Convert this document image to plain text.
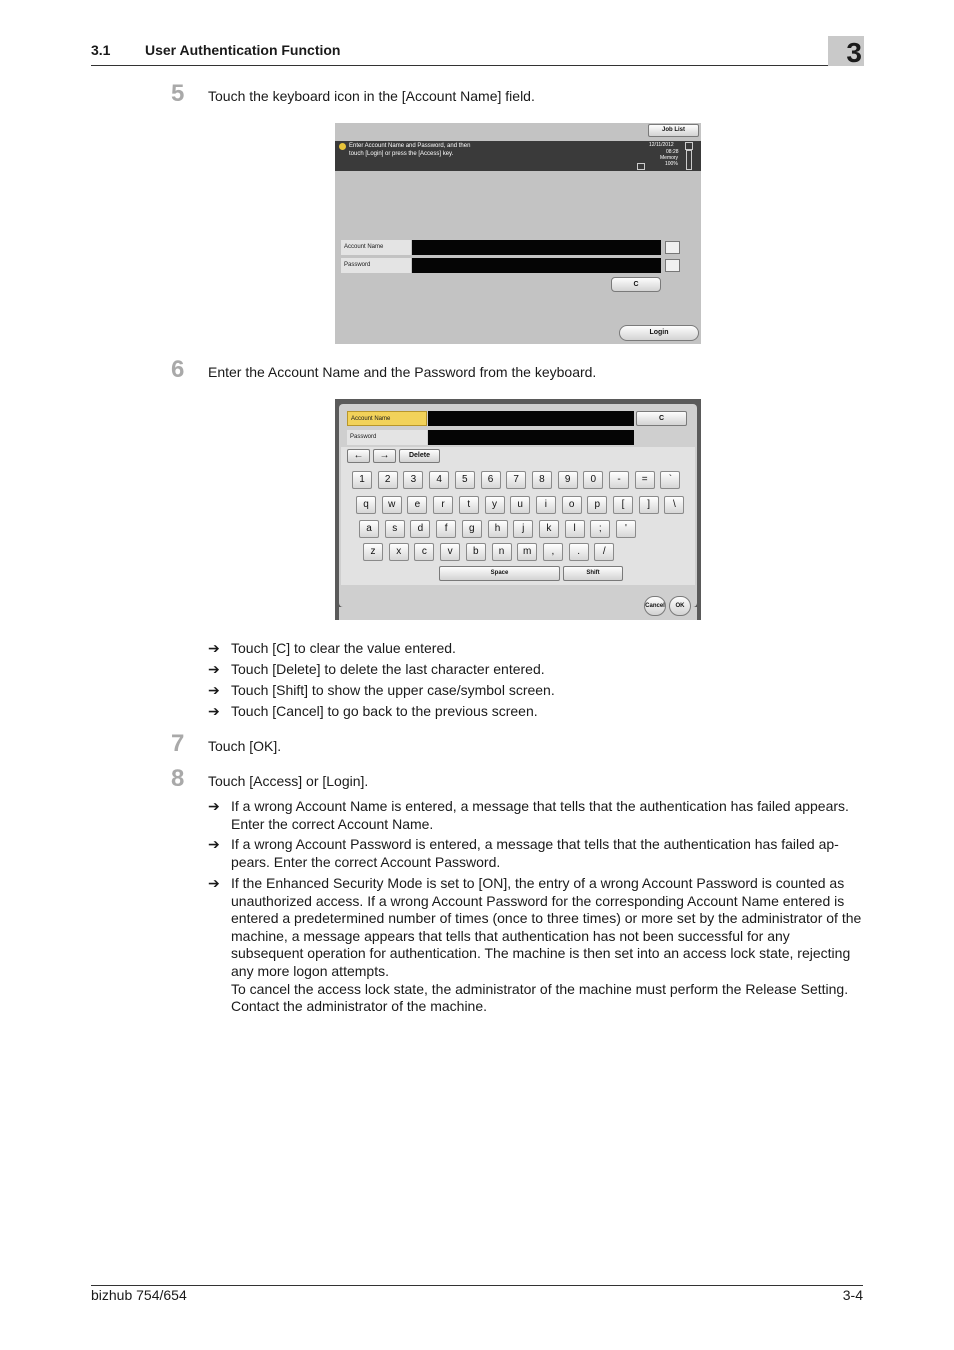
3.1 User Authentication Function	3
5 Touch the keyboard icon in the [Account Name] field.
Job List
Enter Account Name and Password, and then
touch [Login] or press the [Access] key.
12/11/2012
08:28
Memory
100%
Account Name
Password
C
Login
6 Enter the Account Name and the Password from the keyboard.
Account Name	C
Password
←	→	Delete
1	2	3	4	5	6	7	8	9	0	-	=	`
q	w	e	r	t	y	u	i	o	p	[	]	\
a	s	d	f	g	h	j	k	l	;	'
z	x	c	v	b	n	m	,	.	/
Space	Shift
Cancel	OK
➔ Touch [C] to clear the value entered.
➔ Touch [Delete] to delete the last character entered.
➔ Touch [Shift] to show the upper case/symbol screen.
➔ Touch [Cancel] to go back to the previous screen.
7 Touch [OK].
8 Touch [Access] or [Login].
➔ If a wrong Account Name is entered, a message that tells that the authentication has failed appears. Enter the correct Account Name.
➔ If a wrong Account Password is entered, a message that tells that the authentication has failed ap-pears. Enter the correct Account Password.
➔ If the Enhanced Security Mode is set to [ON], the entry of a wrong Account Password is counted as unauthorized access. If a wrong Account Password for the corresponding Account Name entered is entered a predetermined number of times (once to three times) or more set by the administrator of the machine, a message appears that tells that authentication has not been successful for any subsequent operation for authentication. The machine is then set into an access lock state, rejecting any more logon attempts.
To cancel the access lock state, the administrator of the machine must perform the Release Setting. Contact the administrator of the machine.
bizhub 754/654	3-4
